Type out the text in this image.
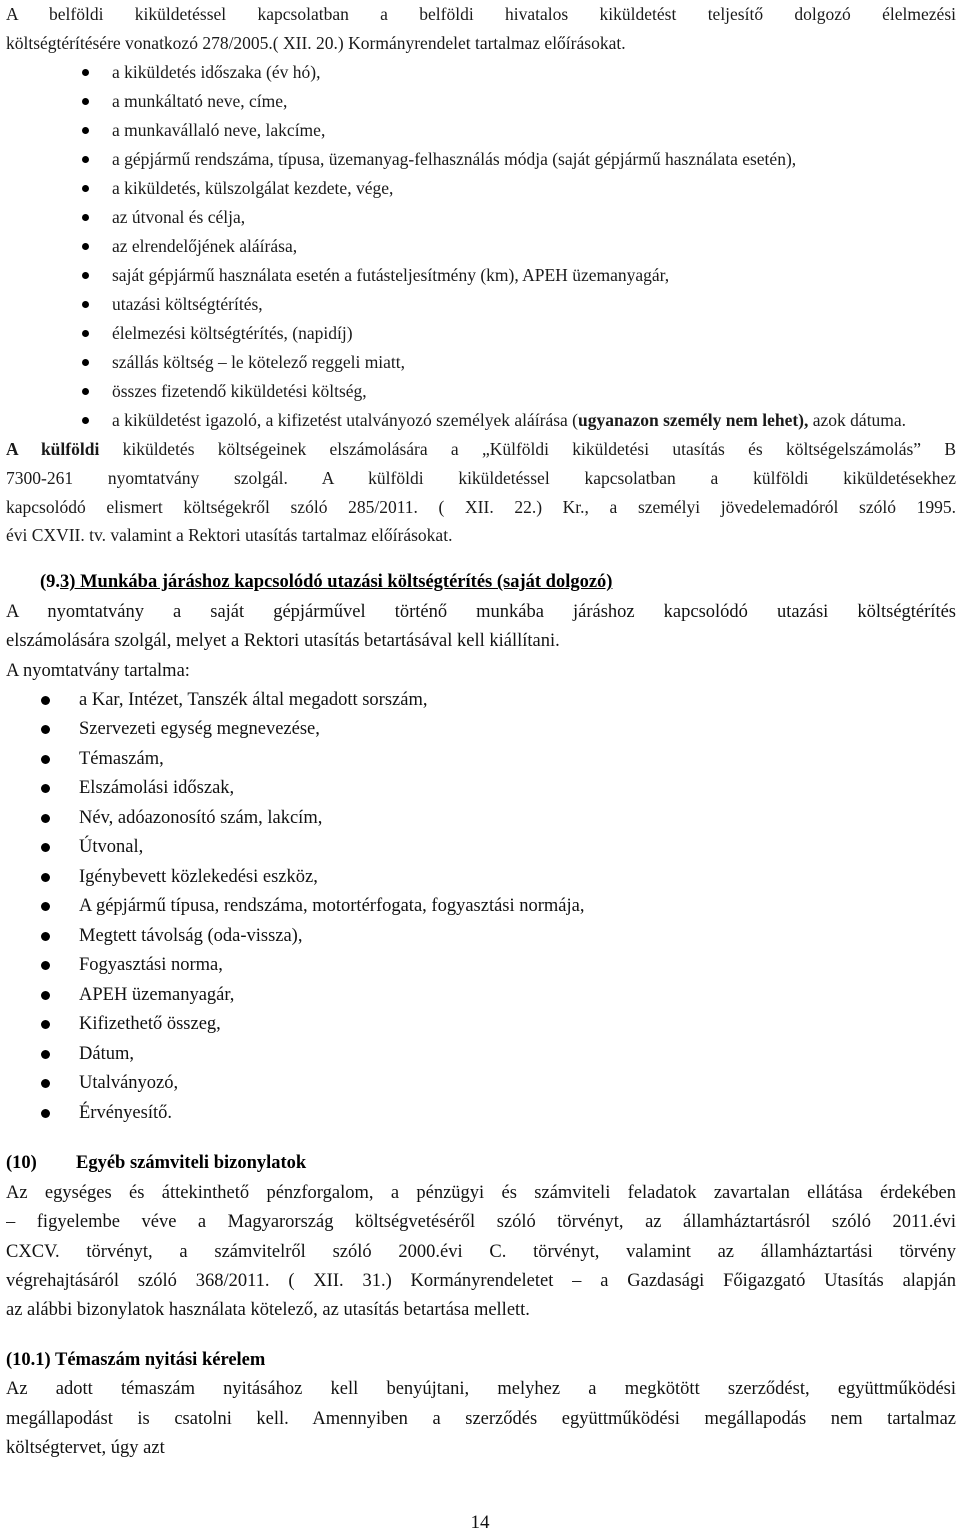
A belföldi kiküldetéssel kapcsolatban a belföldi hivatalos kiküldetést teljesítő dolgozó élelmezési

költségtérítésére vonatkozó 278/2005.( XII. 20.) Kormányrendelet tartalmaz előírásokat.

a kiküldetés időszaka (év hó),
a munkáltató neve, címe,
a munkavállaló neve, lakcíme,
a gépjármű rendszáma, típusa, üzemanyag-felhasználás módja (saját gépjármű használata esetén),
a kiküldetés, külszolgálat kezdete, vége,
az útvonal és célja,
az elrendelőjének aláírása,
saját gépjármű használata esetén a futásteljesítmény (km), APEH üzemanyagár,
utazási költségtérítés,
élelmezési költségtérítés, (napidíj)
szállás költség – le kötelező reggeli miatt,
összes fizetendő kiküldetési költség,
a kiküldetést igazoló, a kifizetést utalványozó személyek aláírása (ugyanazon személy nem lehet), azok dátuma.

A külföldi kiküldetés költségeinek elszámolására a „Külföldi kiküldetési utasítás és költségelszámolás” B

7300-261 nyomtatvány szolgál. A külföldi kiküldetéssel kapcsolatban a külföldi kiküldetésekhez

kapcsolódó elismert költségekről szóló 285/2011. ( XII. 22.) Kr., a személyi jövedelemadóról szóló 1995.

évi CXVII. tv. valamint a Rektori utasítás tartalmaz előírásokat.

(9.3) Munkába járáshoz kapcsolódó utazási költségtérítés (saját dolgozó)

A nyomtatvány a saját gépjárművel történő munkába járáshoz kapcsolódó utazási költségtérítés

elszámolására szolgál, melyet a Rektori utasítás betartásával kell kiállítani.

A nyomtatvány tartalma:

a Kar, Intézet, Tanszék által megadott sorszám,
Szervezeti egység megnevezése,
Témaszám,
Elszámolási időszak,
Név, adóazonosító szám, lakcím,
Útvonal,
Igénybevett közlekedési eszköz,
A gépjármű típusa, rendszáma, motortérfogata, fogyasztási normája,
Megtett távolság (oda-vissza),
Fogyasztási norma,
APEH üzemanyagár,
Kifizethető összeg,
Dátum,
Utalványozó,
Érvényesítő.
(10) Egyéb számviteli bizonylatok

Az egységes és áttekinthető pénzforgalom, a pénzügyi és számviteli feladatok zavartalan ellátása érdekében

– figyelembe véve a Magyarország költségvetéséről szóló törvényt, az államháztartásról szóló 2011.évi

CXCV. törvényt, a számvitelről szóló 2000.évi C. törvényt, valamint az államháztartási törvény

végrehajtásáról szóló 368/2011. ( XII. 31.) Kormányrendeletet – a Gazdasági Főigazgató Utasítás alapján

az alábbi bizonylatok használata kötelező, az utasítás betartása mellett.

(10.1) Témaszám nyitási kérelem

Az adott témaszám nyitásához kell benyújtani, melyhez a megkötött szerződést, együttműködési

megállapodást is csatolni kell. Amennyiben a szerződés együttműködési megállapodás nem tartalmaz

költségtervet, úgy azt

14
